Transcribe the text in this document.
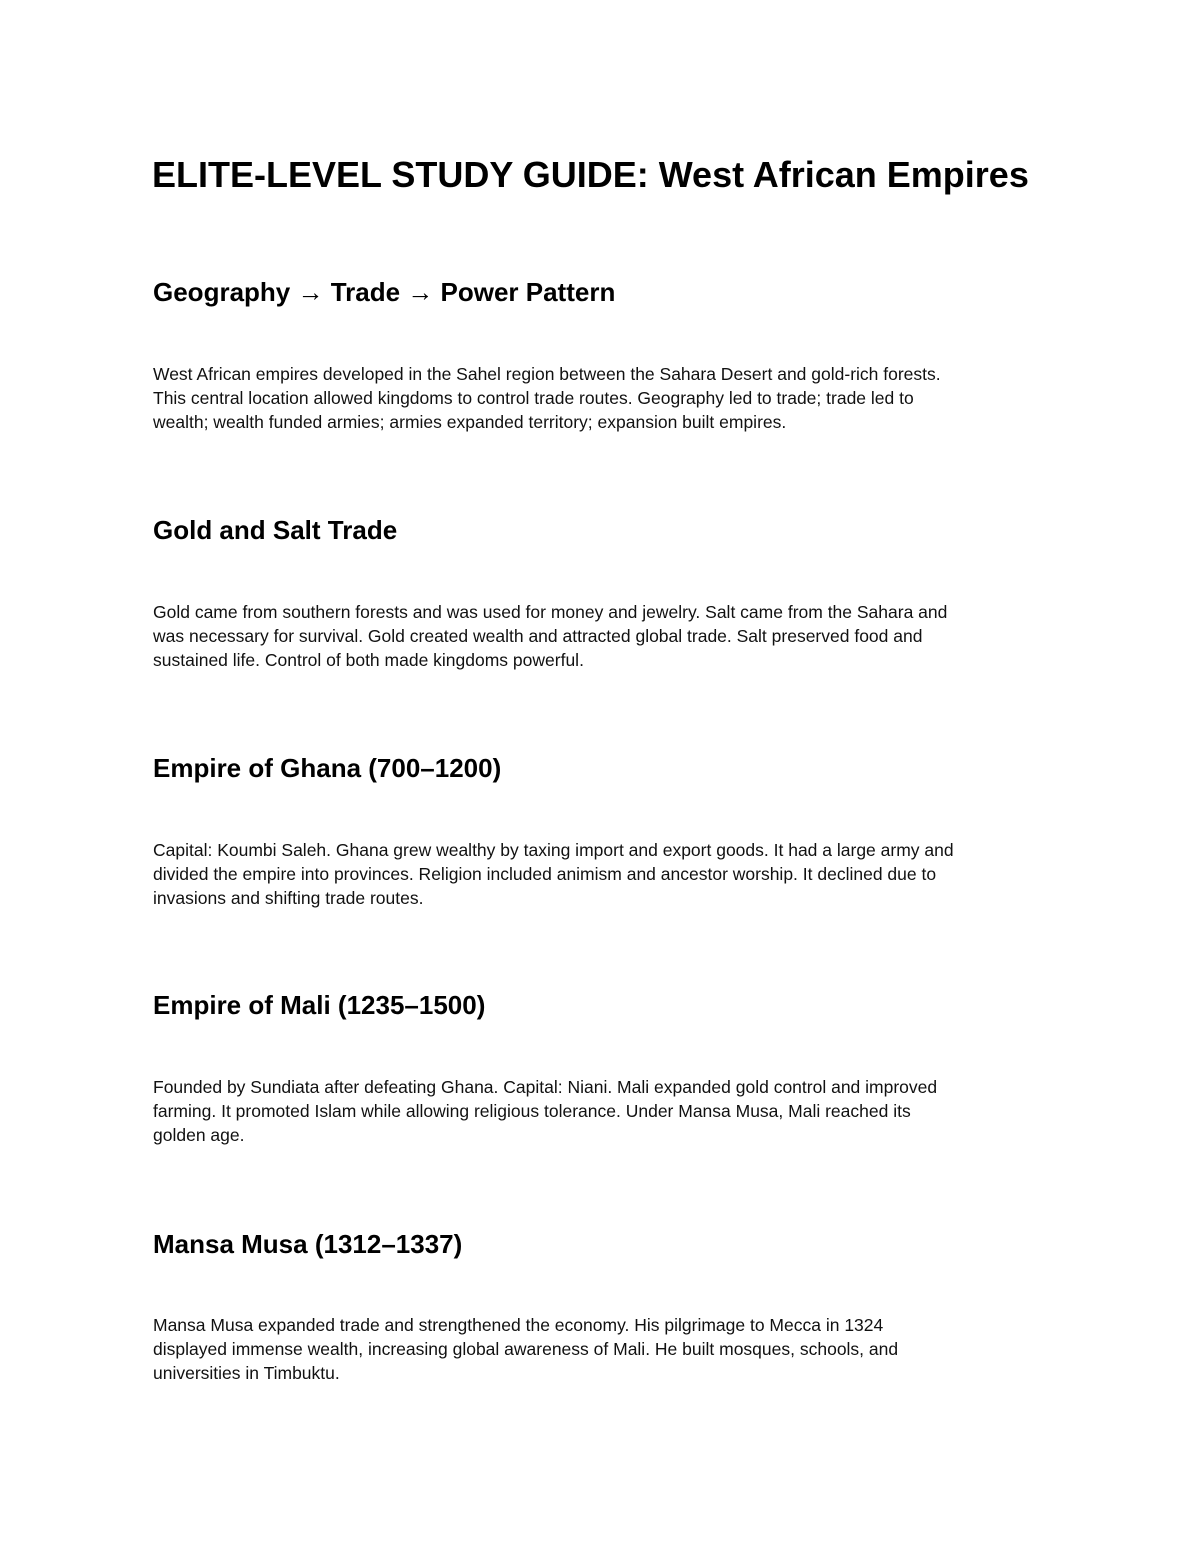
ELITE-LEVEL STUDY GUIDE: West African Empires
Geography → Trade → Power Pattern

West African empires developed in the Sahel region between the Sahara Desert and gold-rich forests.
This central location allowed kingdoms to control trade routes. Geography led to trade; trade led to
wealth; wealth funded armies; armies expanded territory; expansion built empires.

Gold and Salt Trade

Gold came from southern forests and was used for money and jewelry. Salt came from the Sahara and
was necessary for survival. Gold created wealth and attracted global trade. Salt preserved food and
sustained life. Control of both made kingdoms powerful.

Empire of Ghana (700–1200)

Capital: Koumbi Saleh. Ghana grew wealthy by taxing import and export goods. It had a large army and
divided the empire into provinces. Religion included animism and ancestor worship. It declined due to
invasions and shifting trade routes.

Empire of Mali (1235–1500)

Founded by Sundiata after defeating Ghana. Capital: Niani. Mali expanded gold control and improved
farming. It promoted Islam while allowing religious tolerance. Under Mansa Musa, Mali reached its
golden age.

Mansa Musa (1312–1337)

Mansa Musa expanded trade and strengthened the economy. His pilgrimage to Mecca in 1324
displayed immense wealth, increasing global awareness of Mali. He built mosques, schools, and
universities in Timbuktu.
